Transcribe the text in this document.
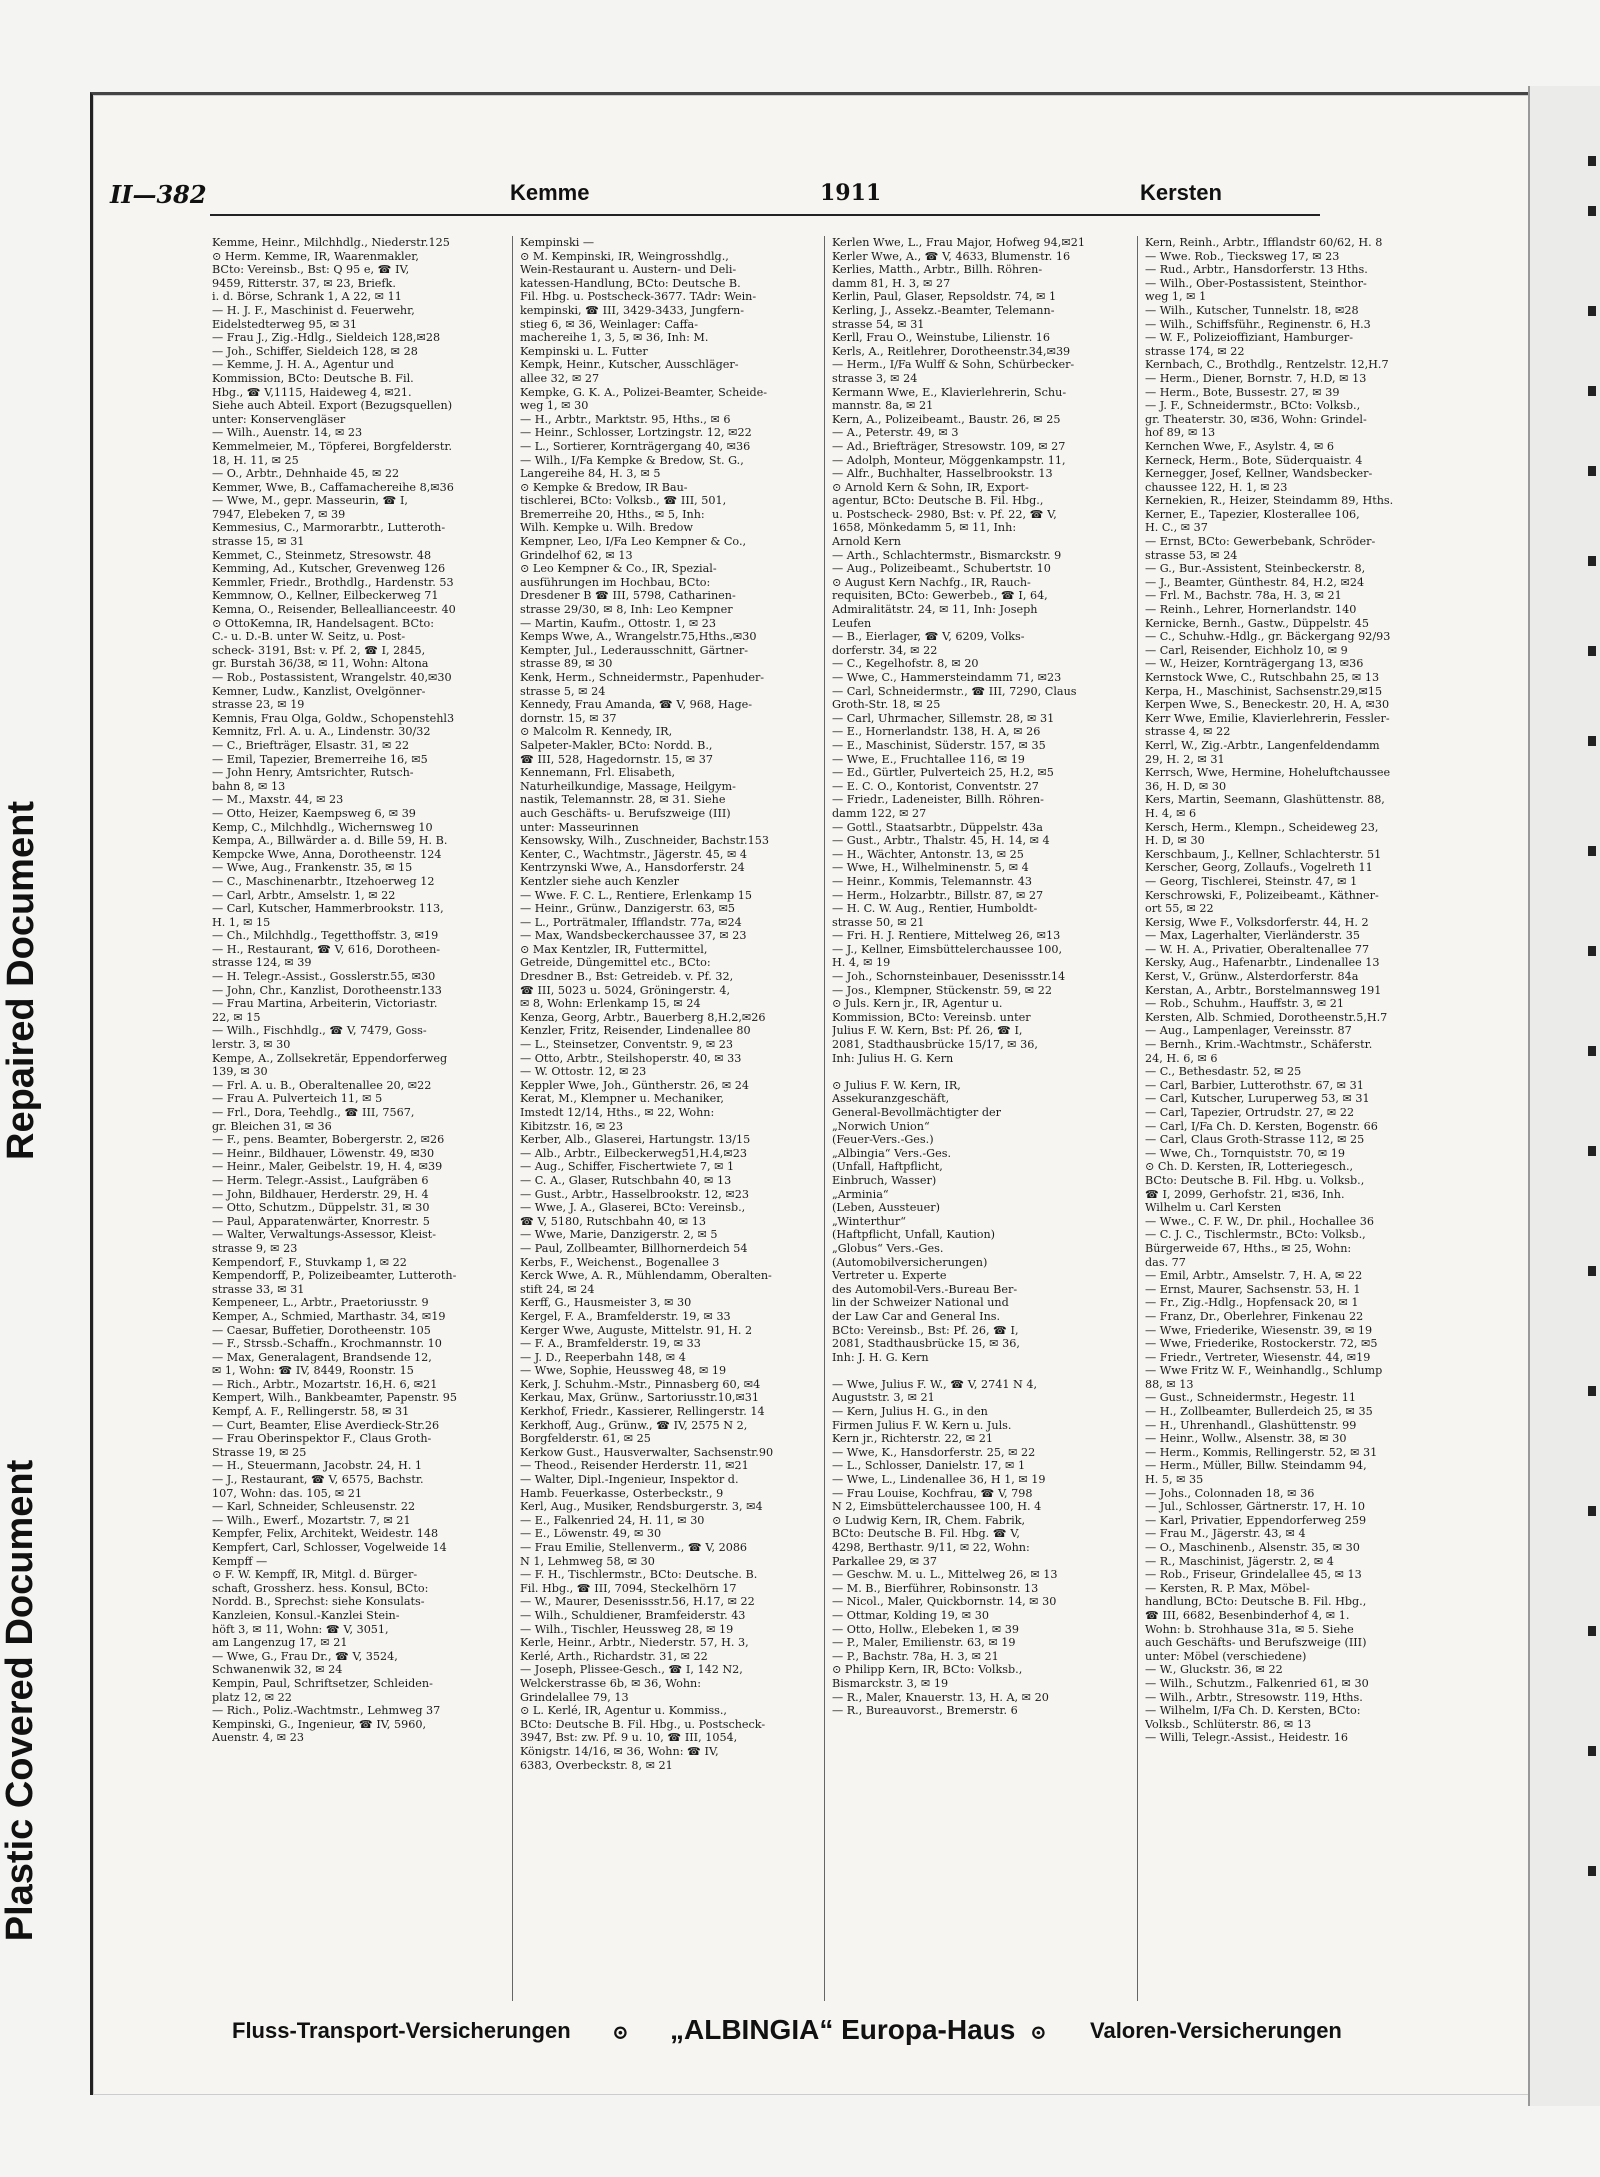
Repaired Document
Plastic Covered Document
II—382	Kemme	1911	Kersten
Kemme, Heinr., Milchhdlg., Niederstr.125
⊙ Herm. Kemme, IR, Waarenmakler,
BCto: Vereinsb., Bst: Q 95 e, ☎ IV,
9459, Ritterstr. 37, ✉ 23, Briefk.
i. d. Börse, Schrank 1, A 22, ✉ 11
— H. J. F., Maschinist d. Feuerwehr,
Eidelstedterweg 95, ✉ 31
— Frau J., Zig.-Hdlg., Sieldeich 128,✉28
— Joh., Schiffer, Sieldeich 128, ✉ 28
— Kemme, J. H. A., Agentur und
Kommission, BCto: Deutsche B. Fil.
Hbg., ☎ V,1115, Haideweg 4, ✉21.
Siehe auch Abteil. Export (Bezugsquellen)
unter: Konservengläser
— Wilh., Auenstr. 14, ✉ 23
Kemmelmeier, M., Töpferei, Borgfelderstr.
18, H. 11, ✉ 25
— O., Arbtr., Dehnhaide 45, ✉ 22
Kemmer, Wwe, B., Caffamachereihe 8,✉36
— Wwe, M., gepr. Masseurin, ☎ I,
7947, Elebeken 7, ✉ 39
Kemmesius, C., Marmorarbtr., Lutteroth-
strasse 15, ✉ 31
Kemmet, C., Steinmetz, Stresowstr. 48
Kemming, Ad., Kutscher, Grevenweg 126
Kemmler, Friedr., Brothdlg., Hardenstr. 53
Kemmnow, O., Kellner, Eilbeckerweg 71
Kemna, O., Reisender, Belleallianceestr. 40
⊙ OttoKemna, IR, Handelsagent. BCto:
C.- u. D.-B. unter W. Seitz, u. Post-
scheck- 3191, Bst: v. Pf. 2, ☎ I, 2845,
gr. Burstah 36/38, ✉ 11, Wohn: Altona
— Rob., Postassistent, Wrangelstr. 40,✉30
Kemner, Ludw., Kanzlist, Ovelgönner-
strasse 23, ✉ 19
Kemnis, Frau Olga, Goldw., Schopenstehl3
Kemnitz, Frl. A. u. A., Lindenstr. 30/32
— C., Briefträger, Elsastr. 31, ✉ 22
— Emil, Tapezier, Bremerreihe 16, ✉5
— John Henry, Amtsrichter, Rutsch-
bahn 8, ✉ 13
— M., Maxstr. 44, ✉ 23
— Otto, Heizer, Kaempsweg 6, ✉ 39
Kemp, C., Milchhdlg., Wichernsweg 10
Kempa, A., Billwärder a. d. Bille 59, H. B.
Kempcke Wwe, Anna, Dorotheenstr. 124
— Wwe, Aug., Frankenstr. 35, ✉ 15
— C., Maschinenarbtr., Itzehoerweg 12
— Carl, Arbtr., Amselstr. 1, ✉ 22
— Carl, Kutscher, Hammerbrookstr. 113,
H. 1, ✉ 15
— Ch., Milchhdlg., Tegetthoffstr. 3, ✉19
— H., Restaurant, ☎ V, 616, Dorotheen-
strasse 124, ✉ 39
— H. Telegr.-Assist., Gosslerstr.55, ✉30
— John, Chr., Kanzlist, Dorotheenstr.133
— Frau Martina, Arbeiterin, Victoriastr.
22, ✉ 15
— Wilh., Fischhdlg., ☎ V, 7479, Goss-
lerstr. 3, ✉ 30
Kempe, A., Zollsekretär, Eppendorferweg
139, ✉ 30
— Frl. A. u. B., Oberaltenallee 20, ✉22
— Frau A. Pulverteich 11, ✉ 5
— Frl., Dora, Teehdlg., ☎ III, 7567,
gr. Bleichen 31, ✉ 36
— F., pens. Beamter, Bobergerstr. 2, ✉26
— Heinr., Bildhauer, Löwenstr. 49, ✉30
— Heinr., Maler, Geibelstr. 19, H. 4, ✉39
— Herm. Telegr.-Assist., Laufgräben 6
— John, Bildhauer, Herderstr. 29, H. 4
— Otto, Schutzm., Düppelstr. 31, ✉ 30
— Paul, Apparatenwärter, Knorrestr. 5
— Walter, Verwaltungs-Assessor, Kleist-
strasse 9, ✉ 23
Kempendorf, F., Stuvkamp 1, ✉ 22
Kempendorff, P., Polizeibeamter, Lutteroth-
strasse 33, ✉ 31
Kempeneer, L., Arbtr., Praetoriusstr. 9
Kemper, A., Schmied, Marthastr. 34, ✉19
— Caesar, Buffetier, Dorotheenstr. 105
— F., Strssb.-Schaffn., Krochmannstr. 10
— Max, Generalagent, Brandsende 12,
✉ 1, Wohn: ☎ IV, 8449, Roonstr. 15
— Rich., Arbtr., Mozartstr. 16,H. 6, ✉21
Kempert, Wilh., Bankbeamter, Papenstr. 95
Kempf, A. F., Rellingerstr. 58, ✉ 31
— Curt, Beamter, Elise Averdieck-Str.26
— Frau Oberinspektor F., Claus Groth-
Strasse 19, ✉ 25
— H., Steuermann, Jacobstr. 24, H. 1
— J., Restaurant, ☎ V, 6575, Bachstr.
107, Wohn: das. 105, ✉ 21
— Karl, Schneider, Schleusenstr. 22
— Wilh., Ewerf., Mozartstr. 7, ✉ 21
Kempfer, Felix, Architekt, Weidestr. 148
Kempfert, Carl, Schlosser, Vogelweide 14
Kempff —
⊙ F. W. Kempff, IR, Mitgl. d. Bürger-
schaft, Grossherz. hess. Konsul, BCto:
Nordd. B., Sprechst: siehe Konsulats-
Kanzleien, Konsul.-Kanzlei Stein-
höft 3, ✉ 11, Wohn: ☎ V, 3051,
am Langenzug 17, ✉ 21
— Wwe, G., Frau Dr., ☎ V, 3524,
Schwanenwik 32, ✉ 24
Kempin, Paul, Schriftsetzer, Schleiden-
platz 12, ✉ 22
— Rich., Poliz.-Wachtmstr., Lehmweg 37
Kempinski, G., Ingenieur, ☎ IV, 5960,
Auenstr. 4, ✉ 23
Kempinski —
⊙ M. Kempinski, IR, Weingrosshdlg.,
Wein-Restaurant u. Austern- und Deli-
katessen-Handlung, BCto: Deutsche B.
Fil. Hbg. u. Postscheck-3677. TAdr: Wein-
kempinski, ☎ III, 3429-3433, Jungfern-
stieg 6, ✉ 36, Weinlager: Caffa-
machereihe 1, 3, 5, ✉ 36, Inh: M.
Kempinski u. L. Futter
Kempk, Heinr., Kutscher, Ausschläger-
allee 32, ✉ 27
Kempke, G. K. A., Polizei-Beamter, Scheide-
weg 1, ✉ 30
— H., Arbtr., Marktstr. 95, Hths., ✉ 6
— Heinr., Schlosser, Lortzingstr. 12, ✉22
— L., Sortierer, Kornträgergang 40, ✉36
— Wilh., I/Fa Kempke & Bredow, St. G.,
Langereihe 84, H. 3, ✉ 5
⊙ Kempke & Bredow, IR Bau-
tischlerei, BCto: Volksb., ☎ III, 501,
Bremerreihe 20, Hths., ✉ 5, Inh:
Wilh. Kempke u. Wilh. Bredow
Kempner, Leo, I/Fa Leo Kempner & Co.,
Grindelhof 62, ✉ 13
⊙ Leo Kempner & Co., IR, Spezial-
ausführungen im Hochbau, BCto:
Dresdener B ☎ III, 5798, Catharinen-
strasse 29/30, ✉ 8, Inh: Leo Kempner
— Martin, Kaufm., Ottostr. 1, ✉ 23
Kemps Wwe, A., Wrangelstr.75,Hths.,✉30
Kempter, Jul., Lederausschnitt, Gärtner-
strasse 89, ✉ 30
Kenk, Herm., Schneidermstr., Papenhuder-
strasse 5, ✉ 24
Kennedy, Frau Amanda, ☎ V, 968, Hage-
dornstr. 15, ✉ 37
⊙ Malcolm R. Kennedy, IR,
Salpeter-Makler, BCto: Nordd. B.,
☎ III, 528, Hagedornstr. 15, ✉ 37
Kennemann, Frl. Elisabeth,
Naturheilkundige, Massage, Heilgym-
nastik, Telemannstr. 28, ✉ 31. Siehe
auch Geschäfts- u. Berufszweige (III)
unter: Masseurinnen
Kensowsky, Wilh., Zuschneider, Bachstr.153
Kenter, C., Wachtmstr., Jägerstr. 45, ✉ 4
Kentrzynski Wwe, A., Hansdorferstr. 24
Kentzler siehe auch Kenzler
— Wwe. F. C. L., Rentiere, Erlenkamp 15
— Heinr., Grünw., Danzigerstr. 63, ✉5
— L., Porträtmaler, Ifflandstr. 77a, ✉24
— Max, Wandsbeckerchaussee 37, ✉ 23
⊙ Max Kentzler, IR, Futtermittel,
Getreide, Düngemittel etc., BCto:
Dresdner B., Bst: Getreideb. v. Pf. 32,
☎ III, 5023 u. 5024, Gröningerstr. 4,
✉ 8, Wohn: Erlenkamp 15, ✉ 24
Kenza, Georg, Arbtr., Bauerberg 8,H.2,✉26
Kenzler, Fritz, Reisender, Lindenallee 80
— L., Steinsetzer, Conventstr. 9, ✉ 23
— Otto, Arbtr., Steilshoperstr. 40, ✉ 33
— W. Ottostr. 12, ✉ 23
Keppler Wwe, Joh., Güntherstr. 26, ✉ 24
Kerat, M., Klempner u. Mechaniker,
Imstedt 12/14, Hths., ✉ 22, Wohn:
Kibitzstr. 16, ✉ 23
Kerber, Alb., Glaserei, Hartungstr. 13/15
— Alb., Arbtr., Eilbeckerweg51,H.4,✉23
— Aug., Schiffer, Fischertwiete 7, ✉ 1
— C. A., Glaser, Rutschbahn 40, ✉ 13
— Gust., Arbtr., Hasselbrookstr. 12, ✉23
— Wwe, J. A., Glaserei, BCto: Vereinsb.,
☎ V, 5180, Rutschbahn 40, ✉ 13
— Wwe, Marie, Danzigerstr. 2, ✉ 5
— Paul, Zollbeamter, Billhornerdeich 54
Kerbs, F., Weichenst., Bogenallee 3
Kerck Wwe, A. R., Mühlendamm, Oberalten-
stift 24, ✉ 24
Kerff, G., Hausmeister 3, ✉ 30
Kergel, F. A., Bramfelderstr. 19, ✉ 33
Kerger Wwe, Auguste, Mittelstr. 91, H. 2
— F. A., Bramfelderstr. 19, ✉ 33
— J. D., Reeperbahn 148, ✉ 4
— Wwe, Sophie, Heussweg 48, ✉ 19
Kerk, J. Schuhm.-Mstr., Pinnasberg 60, ✉4
Kerkau, Max, Grünw., Sartoriusstr.10,✉31
Kerkhof, Friedr., Kassierer, Rellingerstr. 14
Kerkhoff, Aug., Grünw., ☎ IV, 2575 N 2,
Borgfelderstr. 61, ✉ 25
Kerkow Gust., Hausverwalter, Sachsenstr.90
— Theod., Reisender Herderstr. 11, ✉21
— Walter, Dipl.-Ingenieur, Inspektor d.
Hamb. Feuerkasse, Osterbeckstr., 9
Kerl, Aug., Musiker, Rendsburgerstr. 3, ✉4
— E., Falkenried 24, H. 11, ✉ 30
— E., Löwenstr. 49, ✉ 30
— Frau Emilie, Stellenverm., ☎ V, 2086
N 1, Lehmweg 58, ✉ 30
— F. H., Tischlermstr., BCto: Deutsche. B.
Fil. Hbg., ☎ III, 7094, Steckelhörn 17
— W., Maurer, Desenissstr.56, H.17, ✉ 22
— Wilh., Schuldiener, Bramfeiderstr. 43
— Wilh., Tischler, Heussweg 28, ✉ 19
Kerle, Heinr., Arbtr., Niederstr. 57, H. 3,
Kerlé, Arth., Richardstr. 31, ✉ 22
— Joseph, Plissee-Gesch., ☎ I, 142 N2,
Welckerstrasse 6b, ✉ 36, Wohn:
Grindelallee 79, 13
⊙ L. Kerlé, IR, Agentur u. Kommiss.,
BCto: Deutsche B. Fil. Hbg., u. Postscheck-
3947, Bst: zw. Pf. 9 u. 10, ☎ III, 1054,
Königstr. 14/16, ✉ 36, Wohn: ☎ IV,
6383, Overbeckstr. 8, ✉ 21
Kerlen Wwe, L., Frau Major, Hofweg 94,✉21
Kerler Wwe, A., ☎ V, 4633, Blumenstr. 16
Kerlies, Matth., Arbtr., Billh. Röhren-
damm 81, H. 3, ✉ 27
Kerlin, Paul, Glaser, Repsoldstr. 74, ✉ 1
Kerling, J., Assekz.-Beamter, Telemann-
strasse 54, ✉ 31
Kerll, Frau O., Weinstube, Lilienstr. 16
Kerls, A., Reitlehrer, Dorotheenstr.34,✉39
— Herm., I/Fa Wulff & Sohn, Schürbecker-
strasse 3, ✉ 24
Kermann Wwe, E., Klavierlehrerin, Schu-
mannstr. 8a, ✉ 21
Kern, A., Polizeibeamt., Baustr. 26, ✉ 25
— A., Peterstr. 49, ✉ 3
— Ad., Briefträger, Stresowstr. 109, ✉ 27
— Adolph, Monteur, Möggenkampstr. 11,
— Alfr., Buchhalter, Hasselbrookstr. 13
⊙ Arnold Kern & Sohn, IR, Export-
agentur, BCto: Deutsche B. Fil. Hbg.,
u. Postscheck- 2980, Bst: v. Pf. 22, ☎ V,
1658, Mönkedamm 5, ✉ 11, Inh:
Arnold Kern
— Arth., Schlachtermstr., Bismarckstr. 9
— Aug., Polizeibeamt., Schubertstr. 10
⊙ August Kern Nachfg., IR, Rauch-
requisiten, BCto: Gewerbeb., ☎ I, 64,
Admiralitätstr. 24, ✉ 11, Inh: Joseph
Leufen
— B., Eierlager, ☎ V, 6209, Volks-
dorferstr. 34, ✉ 22
— C., Kegelhofstr. 8, ✉ 20
— Wwe, C., Hammersteindamm 71, ✉23
— Carl, Schneidermstr., ☎ III, 7290, Claus
Groth-Str. 18, ✉ 25
— Carl, Uhrmacher, Sillemstr. 28, ✉ 31
— E., Hornerlandstr. 138, H. A, ✉ 26
— E., Maschinist, Süderstr. 157, ✉ 35
— Wwe, E., Fruchtallee 116, ✉ 19
— Ed., Gürtler, Pulverteich 25, H.2, ✉5
— E. C. O., Kontorist, Conventstr. 27
— Friedr., Ladeneister, Billh. Röhren-
damm 122, ✉ 27
— Gottl., Staatsarbtr., Düppelstr. 43a
— Gust., Arbtr., Thalstr. 45, H. 14, ✉ 4
— H., Wächter, Antonstr. 13, ✉ 25
— Wwe, H., Wilhelminenstr. 5, ✉ 4
— Heinr., Kommis, Telemannstr. 43
— Herm., Holzarbtr., Billstr. 87, ✉ 27
— H. C. W. Aug., Rentier, Humboldt-
strasse 50, ✉ 21
— Fri. H. J. Rentiere, Mittelweg 26, ✉13
— J., Kellner, Eimsbüttelerchaussee 100,
H. 4, ✉ 19
— Joh., Schornsteinbauer, Desenissstr.14
— Jos., Klempner, Stückenstr. 59, ✉ 22
⊙ Juls. Kern jr., IR, Agentur u.
Kommission, BCto: Vereinsb. unter
Julius F. W. Kern, Bst: Pf. 26, ☎ I,
2081, Stadthausbrücke 15/17, ✉ 36,
Inh: Julius H. G. Kern

⊙ Julius F. W. Kern, IR,
Assekuranzgeschäft,
General-Bevollmächtigter der
„Norwich Union“
(Feuer-Vers.-Ges.)
„Albingia“ Vers.-Ges.
(Unfall, Haftpflicht,
Einbruch, Wasser)
„Arminia“
(Leben, Aussteuer)
„Winterthur“
(Haftpflicht, Unfall, Kaution)
„Globus“ Vers.-Ges.
(Automobilversicherungen)
Vertreter u. Experte
des Automobil-Vers.-Bureau Ber-
lin der Schweizer National und
der Law Car and General Ins.
BCto: Vereinsb., Bst: Pf. 26, ☎ I,
2081, Stadthausbrücke 15, ✉ 36,
Inh: J. H. G. Kern

— Wwe, Julius F. W., ☎ V, 2741 N 4,
Auguststr. 3, ✉ 21
— Kern, Julius H. G., in den
Firmen Julius F. W. Kern u. Juls.
Kern jr., Richterstr. 22, ✉ 21
— Wwe, K., Hansdorferstr. 25, ✉ 22
— L., Schlosser, Danielstr. 17, ✉ 1
— Wwe, L., Lindenallee 36, H 1, ✉ 19
— Frau Louise, Kochfrau, ☎ V, 798
N 2, Eimsbüttelerchaussee 100, H. 4
⊙ Ludwig Kern, IR, Chem. Fabrik,
BCto: Deutsche B. Fil. Hbg. ☎ V,
4298, Berthastr. 9/11, ✉ 22, Wohn:
Parkallee 29, ✉ 37
— Geschw. M. u. L., Mittelweg 26, ✉ 13
— M. B., Bierführer, Robinsonstr. 13
— Nicol., Maler, Quickbornstr. 14, ✉ 30
— Ottmar, Kolding 19, ✉ 30
— Otto, Hollw., Elebeken 1, ✉ 39
— P., Maler, Emilienstr. 63, ✉ 19
— P., Bachstr. 78a, H. 3, ✉ 21
⊙ Philipp Kern, IR, BCto: Volksb.,
Bismarckstr. 3, ✉ 19
— R., Maler, Knauerstr. 13, H. A, ✉ 20
— R., Bureauvorst., Bremerstr. 6
Kern, Reinh., Arbtr., Ifflandstr 60/62, H. 8
— Wwe. Rob., Tiecksweg 17, ✉ 23
— Rud., Arbtr., Hansdorferstr. 13 Hths.
— Wilh., Ober-Postassistent, Steinthor-
weg 1, ✉ 1
— Wilh., Kutscher, Tunnelstr. 18, ✉28
— Wilh., Schiffsführ., Reginenstr. 6, H.3
— W. F., Polizeioffiziant, Hamburger-
strasse 174, ✉ 22
Kernbach, C., Brothdlg., Rentzelstr. 12,H.7
— Herm., Diener, Bornstr. 7, H.D, ✉ 13
— Herm., Bote, Bussestr. 27, ✉ 39
— J. F., Schneidermstr., BCto: Volksb.,
gr. Theaterstr. 30, ✉36, Wohn: Grindel-
hof 89, ✉ 13
Kernchen Wwe, F., Asylstr. 4, ✉ 6
Kerneck, Herm., Bote, Süderquaistr. 4
Kernegger, Josef, Kellner, Wandsbecker-
chaussee 122, H. 1, ✉ 23
Kernekien, R., Heizer, Steindamm 89, Hths.
Kerner, E., Tapezier, Klosterallee 106,
H. C., ✉ 37
— Ernst, BCto: Gewerbebank, Schröder-
strasse 53, ✉ 24
— G., Bur.-Assistent, Steinbeckerstr. 8,
— J., Beamter, Günthestr. 84, H.2, ✉24
— Frl. M., Bachstr. 78a, H. 3, ✉ 21
— Reinh., Lehrer, Hornerlandstr. 140
Kernicke, Bernh., Gastw., Düppelstr. 45
— C., Schuhw.-Hdlg., gr. Bäckergang 92/93
— Carl, Reisender, Eichholz 10, ✉ 9
— W., Heizer, Kornträgergang 13, ✉36
Kernstock Wwe, C., Rutschbahn 25, ✉ 13
Kerpa, H., Maschinist, Sachsenstr.29,✉15
Kerpen Wwe, S., Beneckestr. 20, H. A, ✉30
Kerr Wwe, Emilie, Klavierlehrerin, Fessler-
strasse 4, ✉ 22
Kerrl, W., Zig.-Arbtr., Langenfeldendamm
29, H. 2, ✉ 31
Kerrsch, Wwe, Hermine, Hoheluftchaussee
36, H. D, ✉ 30
Kers, Martin, Seemann, Glashüttenstr. 88,
H. 4, ✉ 6
Kersch, Herm., Klempn., Scheideweg 23,
H. D, ✉ 30
Kerschbaum, J., Kellner, Schlachterstr. 51
Kerscher, Georg, Zollaufs., Vogelreth 11
— Georg, Tischlerei, Steinstr. 47, ✉ 1
Kerschrowski, F., Polizeibeamt., Käthner-
ort 55, ✉ 22
Kersig, Wwe F., Volksdorferstr. 44, H. 2
— Max, Lagerhalter, Vierländerstr. 35
— W. H. A., Privatier, Oberaltenallee 77
Kersky, Aug., Hafenarbtr., Lindenallee 13
Kerst, V., Grünw., Alsterdorferstr. 84a
Kerstan, A., Arbtr., Borstelmannsweg 191
— Rob., Schuhm., Hauffstr. 3, ✉ 21
Kersten, Alb. Schmied, Dorotheenstr.5,H.7
— Aug., Lampenlager, Vereinsstr. 87
— Bernh., Krim.-Wachtmstr., Schäferstr.
24, H. 6, ✉ 6
— C., Bethesdastr. 52, ✉ 25
— Carl, Barbier, Lutterothstr. 67, ✉ 31
— Carl, Kutscher, Luruperweg 53, ✉ 31
— Carl, Tapezier, Ortrudstr. 27, ✉ 22
— Carl, I/Fa Ch. D. Kersten, Bogenstr. 66
— Carl, Claus Groth-Strasse 112, ✉ 25
— Wwe, Ch., Tornquiststr. 70, ✉ 19
⊙ Ch. D. Kersten, IR, Lotteriegesch.,
BCto: Deutsche B. Fil. Hbg. u. Volksb.,
☎ I, 2099, Gerhofstr. 21, ✉36, Inh.
Wilhelm u. Carl Kersten
— Wwe., C. F. W., Dr. phil., Hochallee 36
— C. J. C., Tischlermstr., BCto: Volksb.,
Bürgerweide 67, Hths., ✉ 25, Wohn:
das. 77
— Emil, Arbtr., Amselstr. 7, H. A, ✉ 22
— Ernst, Maurer, Sachsenstr. 53, H. 1
— Fr., Zig.-Hdlg., Hopfensack 20, ✉ 1
— Franz, Dr., Oberlehrer, Finkenau 22
— Wwe, Friederike, Wiesenstr. 39, ✉ 19
— Wwe, Friederike, Rostockerstr. 72, ✉5
— Friedr., Vertreter, Wiesenstr. 44, ✉19
— Wwe Fritz W. F., Weinhandlg., Schlump
88, ✉ 13
— Gust., Schneidermstr., Hegestr. 11
— H., Zollbeamter, Bullerdeich 25, ✉ 35
— H., Uhrenhandl., Glashüttenstr. 99
— Heinr., Wollw., Alsenstr. 38, ✉ 30
— Herm., Kommis, Rellingerstr. 52, ✉ 31
— Herm., Müller, Billw. Steindamm 94,
H. 5, ✉ 35
— Johs., Colonnaden 18, ✉ 36
— Jul., Schlosser, Gärtnerstr. 17, H. 10
— Karl, Privatier, Eppendorferweg 259
— Frau M., Jägerstr. 43, ✉ 4
— O., Maschinenb., Alsenstr. 35, ✉ 30
— R., Maschinist, Jägerstr. 2, ✉ 4
— Rob., Friseur, Grindelallee 45, ✉ 13
— Kersten, R. P. Max, Möbel-
handlung, BCto: Deutsche B. Fil. Hbg.,
☎ III, 6682, Besenbinderhof 4, ✉ 1.
Wohn: b. Strohhause 31a, ✉ 5. Siehe
auch Geschäfts- und Berufszweige (III)
unter: Möbel (verschiedene)
— W., Gluckstr. 36, ✉ 22
— Wilh., Schutzm., Falkenried 61, ✉ 30
— Wilh., Arbtr., Stresowstr. 119, Hths.
— Wilhelm, I/Fa Ch. D. Kersten, BCto:
Volksb., Schlüterstr. 86, ✉ 13
— Willi, Telegr.-Assist., Heidestr. 16
Fluss-Transport-Versicherungen ⊙ „ALBINGIA“ Europa-Haus ⊙ Valoren-Versicherungen
